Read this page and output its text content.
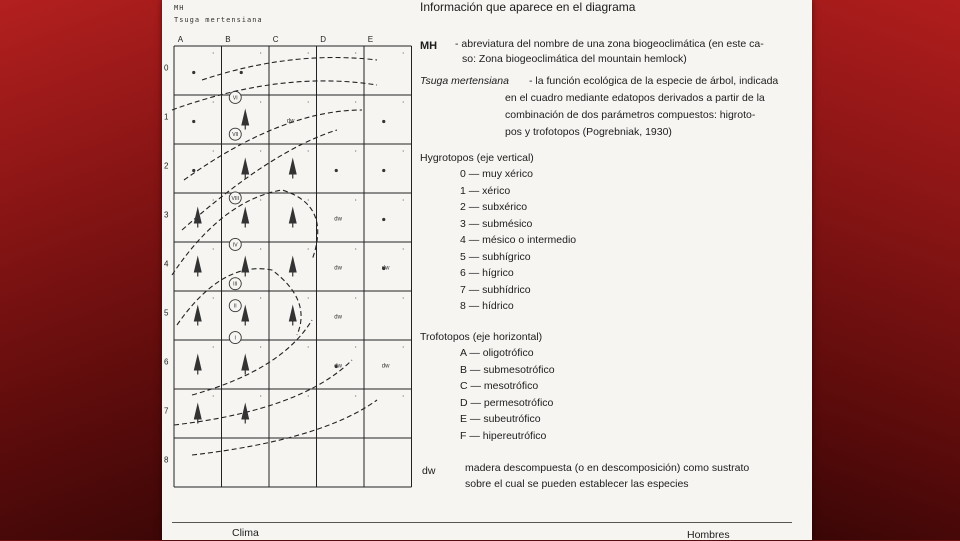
MH
Tsuga mertensiana
A	B	C	D	E
0
1
2
3
4
5
6
7
8
dw
dw
dw	dw
dw
dw	dw
•
•
•
•
•
•
•
•
•
•
•
•
•
•
•
•
•
•
•
•
•
•
•
•
•
•
•
•
•
•
•
•
•
•
•
•
•
•
•
•
VI
VII
VIII
IV
III
II
I
Información que aparece en el diagrama
MH - abreviatura del nombre de una zona biogeoclimática (en este ca-
so: Zona biogeoclimática del mountain hemlock)
Tsuga mertensiana - la función ecológica de la especie de árbol, indicada
en el cuadro mediante edatopos derivados a partir de la
combinación de dos parámetros compuestos: higroto-
pos y trofotopos (Pogrebniak, 1930)
Hygrotopos (eje vertical)
0 — muy xérico
1 — xérico
2 — subxérico
3 — submésico
4 — mésico o intermedio
5 — subhígrico
6 — hígrico
7 — subhídrico
8 — hídrico
Trofotopos (eje horizontal)
A — oligotrófico
B — submesotrófico
C — mesotrófico
D — permesotrófico
E — subeutrófico
F — hipereutrófico
dw	madera descompuesta (o en descomposición) como sustrato
sobre el cual se pueden establecer las especies
Clima	Hombres
